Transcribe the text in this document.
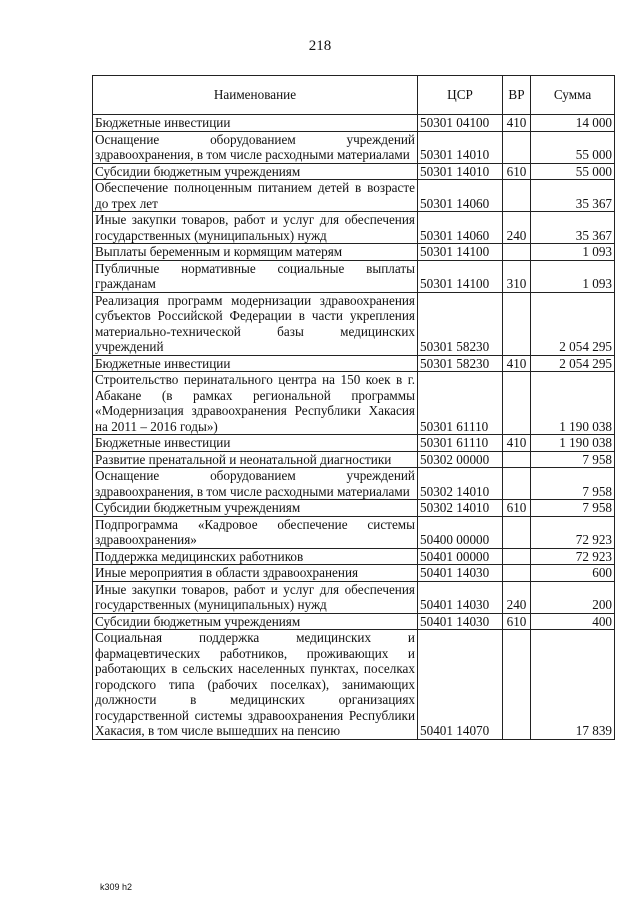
218
Наименование	ЦСР	ВР	Сумма
Бюджетные инвестиции	50301 04100	410	14 000
Оснащение оборудованием учреждений здравоохранения, в том числе расходными материалами	50301 14010		55 000
Субсидии бюджетным учреждениям	50301 14010	610	55 000
Обеспечение полноценным питанием детей в возрасте до трех лет	50301 14060		35 367
Иные закупки товаров, работ и услуг для обеспечения государственных (муниципальных) нужд	50301 14060	240	35 367
Выплаты беременным и кормящим матерям	50301 14100		1 093
Публичные нормативные социальные выплаты гражданам	50301 14100	310	1 093
Реализация программ модернизации здравоохранения субъектов Российской Федерации в части укрепления материально-технической базы медицинских учреждений	50301 58230		2 054 295
Бюджетные инвестиции	50301 58230	410	2 054 295
Строительство перинатального центра на 150 коек в г. Абакане (в рамках региональной программы «Модернизация здравоохранения Республики Хакасия на 2011 – 2016 годы»)	50301 61110		1 190 038
Бюджетные инвестиции	50301 61110	410	1 190 038
Развитие пренатальной и неонатальной диагностики	50302 00000		7 958
Оснащение оборудованием учреждений здравоохранения, в том числе расходными материалами	50302 14010		7 958
Субсидии бюджетным учреждениям	50302 14010	610	7 958
Подпрограмма «Кадровое обеспечение системы здравоохранения»	50400 00000		72 923
Поддержка медицинских работников	50401 00000		72 923
Иные мероприятия в области здравоохранения	50401 14030		600
Иные закупки товаров, работ и услуг для обеспечения государственных (муниципальных) нужд	50401 14030	240	200
Субсидии бюджетным учреждениям	50401 14030	610	400
Социальная поддержка медицинских и фармацевтических работников, проживающих и работающих в сельских населенных пунктах, поселках городского типа (рабочих поселках), занимающих должности в медицинских организациях государственной системы здравоохранения Республики Хакасия, в том числе вышедших на пенсию	50401 14070		17 839
k309 h2
